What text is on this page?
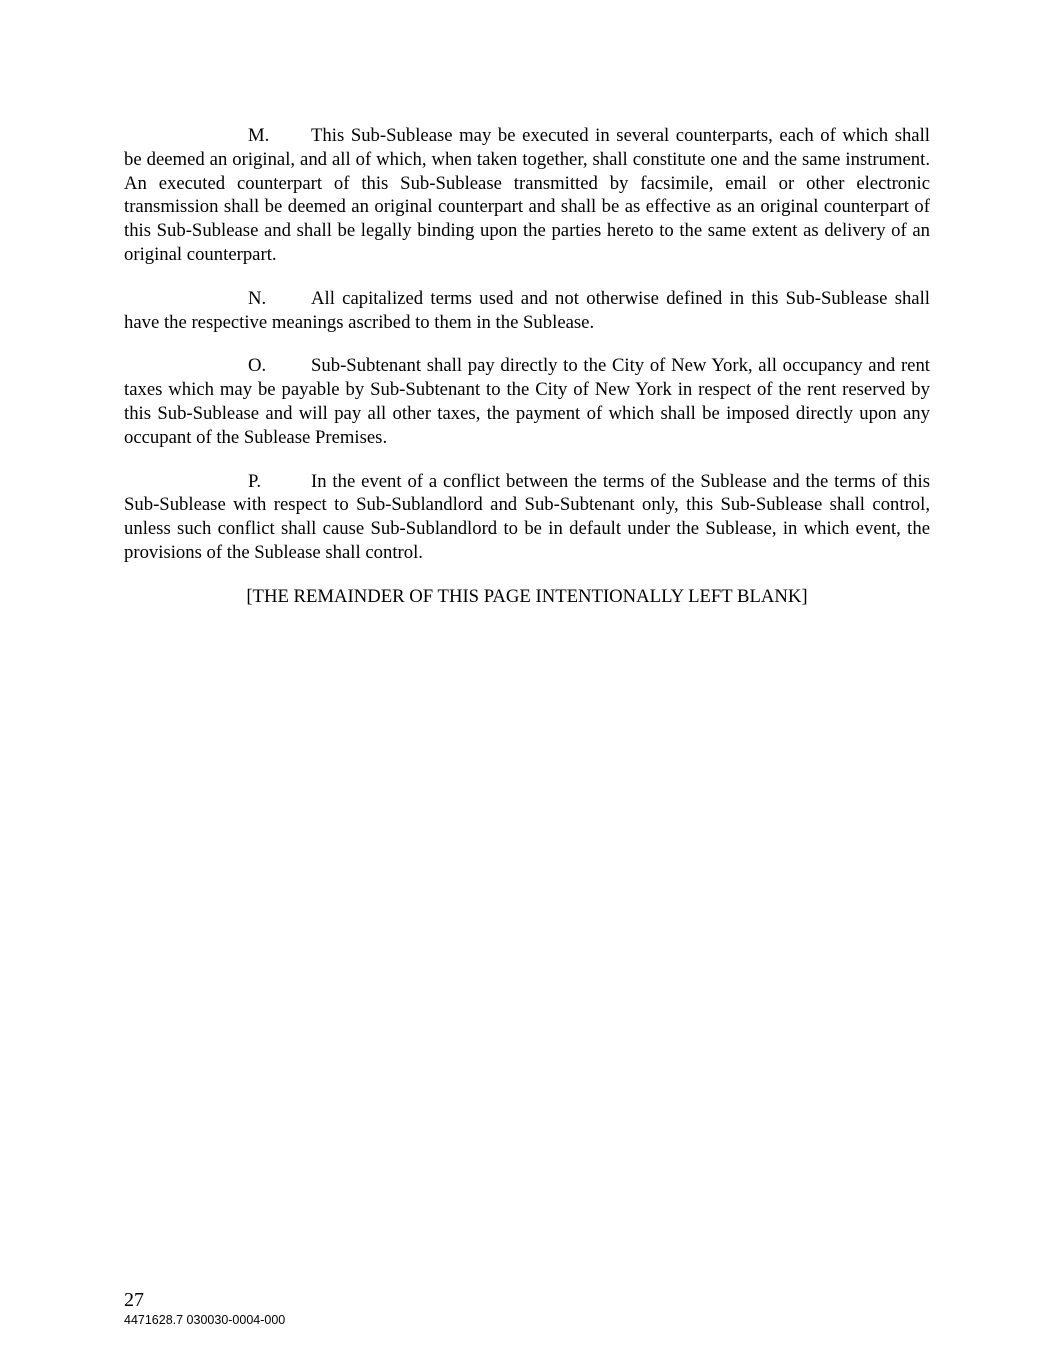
M. This Sub-Sublease may be executed in several counterparts, each of which shall be deemed an original, and all of which, when taken together, shall constitute one and the same instrument. An executed counterpart of this Sub-Sublease transmitted by facsimile, email or other electronic transmission shall be deemed an original counterpart and shall be as effective as an original counterpart of this Sub-Sublease and shall be legally binding upon the parties hereto to the same extent as delivery of an original counterpart.

N. All capitalized terms used and not otherwise defined in this Sub-Sublease shall have the respective meanings ascribed to them in the Sublease.

O. Sub-Subtenant shall pay directly to the City of New York, all occupancy and rent taxes which may be payable by Sub-Subtenant to the City of New York in respect of the rent reserved by this Sub-Sublease and will pay all other taxes, the payment of which shall be imposed directly upon any occupant of the Sublease Premises.

P.	In the event of a conflict between the terms of the Sublease and the terms of this Sub-Sublease with respect to Sub-Sublandlord and Sub-Subtenant only, this Sub-Sublease shall control, unless such conflict shall cause Sub-Sublandlord to be in default under the Sublease, in which event, the provisions of the Sublease shall control.

[THE REMAINDER OF THIS PAGE INTENTIONALLY LEFT BLANK]
27
4471628.7 030030-0004-000
